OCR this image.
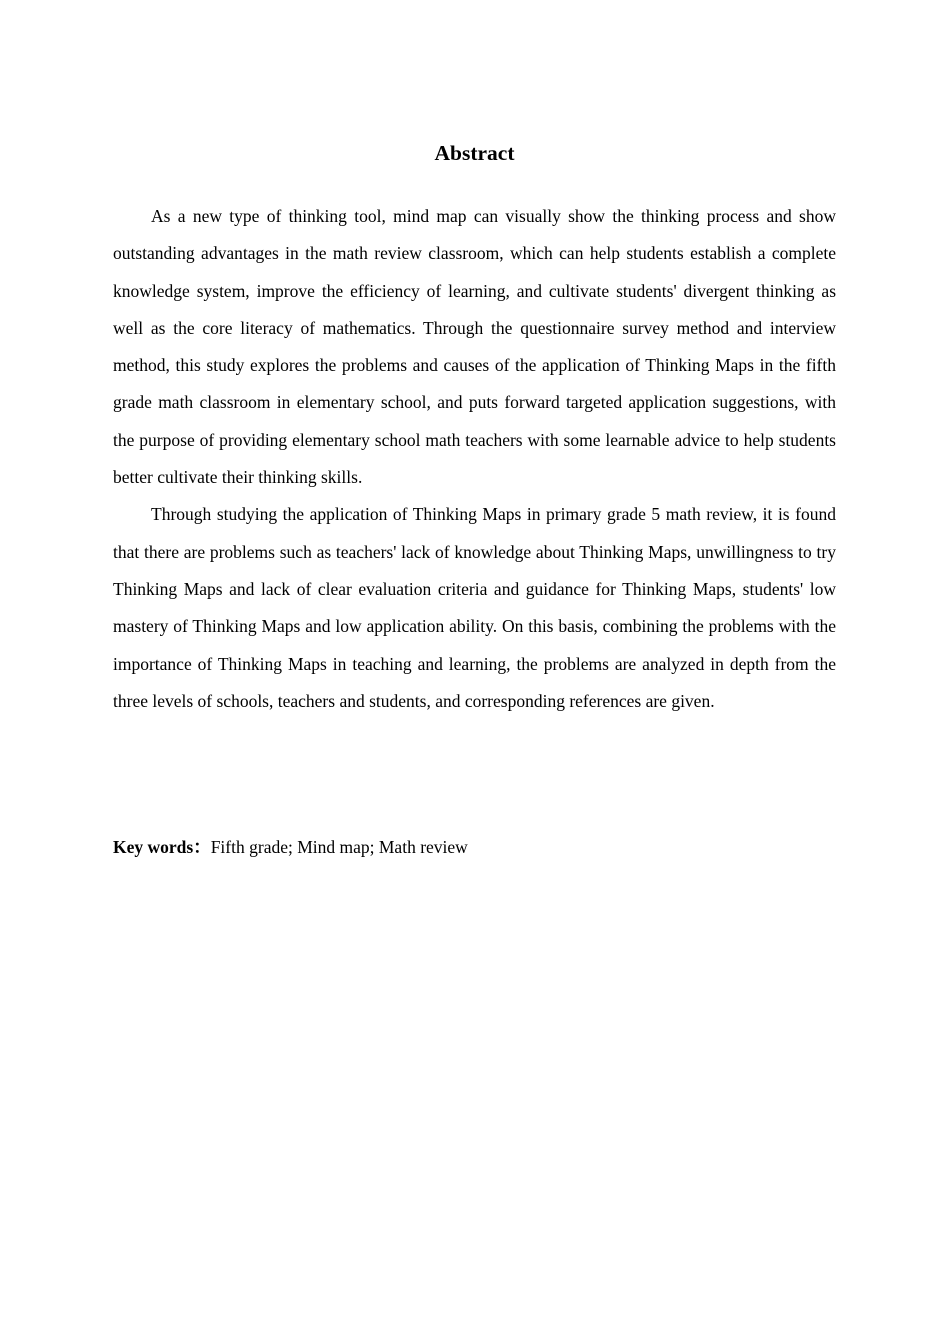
Abstract

As a new type of thinking tool, mind map can visually show the thinking process and show outstanding advantages in the math review classroom, which can help students establish a complete knowledge system, improve the efficiency of learning, and cultivate students' divergent thinking as well as the core literacy of mathematics. Through the questionnaire survey method and interview method, this study explores the problems and causes of the application of Thinking Maps in the fifth grade math classroom in elementary school, and puts forward targeted application suggestions, with the purpose of providing elementary school math teachers with some learnable advice to help students better cultivate their thinking skills.

Through studying the application of Thinking Maps in primary grade 5 math review, it is found that there are problems such as teachers' lack of knowledge about Thinking Maps, unwillingness to try Thinking Maps and lack of clear evaluation criteria and guidance for Thinking Maps, students' low mastery of Thinking Maps and low application ability. On this basis, combining the problems with the importance of Thinking Maps in teaching and learning, the problems are analyzed in depth from the three levels of schools, teachers and students, and corresponding references are given.

Key words：Fifth grade; Mind map; Math review
